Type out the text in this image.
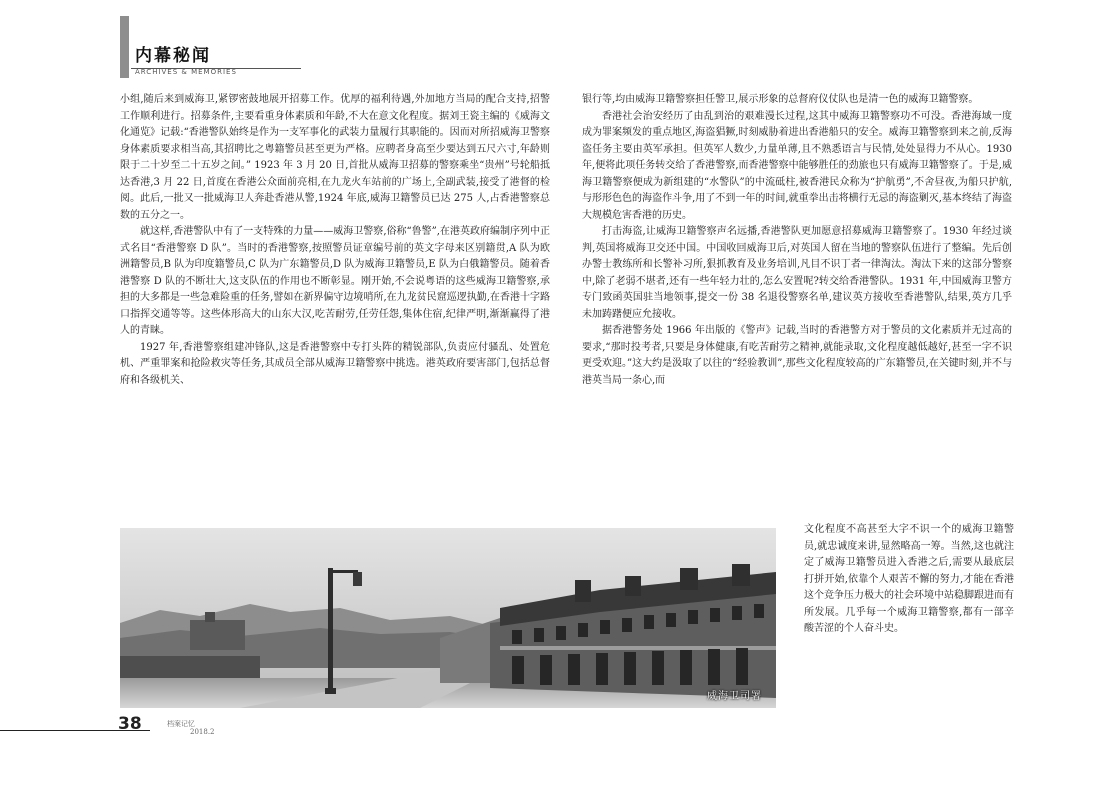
内幕秘闻
ARCHIVES & MEMORIES

小组,随后来到威海卫,紧锣密鼓地展开招募工作。优厚的福利待遇,外加地方当局的配合支持,招警工作顺利进行。招募条件,主要看重身体素质和年龄,不大在意文化程度。据刘王瓷主编的《威海文化通览》记载:“香港警队始终是作为一支军事化的武装力量履行其职能的。因而对所招威海卫警察身体素质要求相当高,其招聘比之粤籍警员甚至更为严格。应聘者身高至少要达到五尺六寸,年龄则限于二十岁至二十五岁之间。” 1923 年 3 月 20 日,首批从威海卫招募的警察乘坐“贵州”号轮船抵达香港,3 月 22 日,首度在香港公众面前亮相,在九龙火车站前的广场上,全副武装,接受了港督的检阅。此后,一批又一批威海卫人奔赴香港从警,1924 年底,威海卫籍警员已达 275 人,占香港警察总数的五分之一。

就这样,香港警队中有了一支特殊的力量——威海卫警察,俗称“鲁警”,在港英政府编制序列中正式名目“香港警察 D 队”。当时的香港警察,按照警员证章编号前的英文字母来区别籍贯,A 队为欧洲籍警员,B 队为印度籍警员,C 队为广东籍警员,D 队为威海卫籍警员,E 队为白俄籍警员。随着香港警察 D 队的不断壮大,这支队伍的作用也不断彰显。刚开始,不会说粤语的这些威海卫籍警察,承担的大多都是一些急难险重的任务,譬如在新界偏守边境哨所,在九龙贫民窟巡逻执勤,在香港十字路口指挥交通等等。这些体形高大的山东大汉,吃苦耐劳,任劳任怨,集体住宿,纪律严明,渐渐赢得了港人的青睐。

1927 年,香港警察组建冲锋队,这是香港警察中专打头阵的精锐部队,负责应付骚乱、处置危机、严重罪案和抢险救灾等任务,其成员全部从威海卫籍警察中挑选。港英政府要害部门,包括总督府和各级机关、

银行等,均由威海卫籍警察担任警卫,展示形象的总督府仪仗队也是清一色的威海卫籍警察。

香港社会治安经历了由乱到治的艰难漫长过程,这其中威海卫籍警察功不可没。香港海域一度成为罪案频发的重点地区,海盗猖獗,时刻威胁着进出香港船只的安全。威海卫籍警察到来之前,反海盗任务主要由英军承担。但英军人数少,力量单薄,且不熟悉语言与民情,处处显得力不从心。1930 年,便将此项任务转交给了香港警察,而香港警察中能够胜任的劲旅也只有威海卫籍警察了。于是,威海卫籍警察便成为新组建的“水警队”的中流砥柱,被香港民众称为“护航勇”,不舍昼夜,为船只护航,与形形色色的海盗作斗争,用了不到一年的时间,就重拳出击将横行无忌的海盗剿灭,基本终结了海盗大规模危害香港的历史。

打击海盗,让威海卫籍警察声名远播,香港警队更加愿意招募威海卫籍警察了。1930 年经过谈判,英国将威海卫交还中国。中国收回威海卫后,对英国人留在当地的警察队伍进行了整编。先后创办警士教练所和长警补习所,狠抓教育及业务培训,凡目不识丁者一律淘汰。淘汰下来的这部分警察中,除了老弱不堪者,还有一些年轻力壮的,怎么安置呢?转交给香港警队。1931 年,中国威海卫警方专门致函英国驻当地领事,提交一份 38 名退役警察名单,建议英方接收至香港警队,结果,英方几乎未加踌躇便应允接收。

据香港警务处 1966 年出版的《警声》记载,当时的香港警方对于警员的文化素质并无过高的要求,“那时投考者,只要是身体健康,有吃苦耐劳之精神,就能录取,文化程度越低越好,甚至一字不识更受欢迎。”这大约是汲取了以往的“经验教训”,那些文化程度较高的广东籍警员,在关键时刻,并不与港英当局一条心,而

文化程度不高甚至大字不识一个的威海卫籍警员,就忠诚度来讲,显然略高一筹。当然,这也就注定了威海卫籍警员进入香港之后,需要从最底层打拼开始,依靠个人艰苦不懈的努力,才能在香港这个竞争压力极大的社会环境中站稳脚跟进而有所发展。几乎每一个威海卫籍警察,都有一部辛酸苦涩的个人奋斗史。

威海卫司署
38	档案记忆
2018.2
